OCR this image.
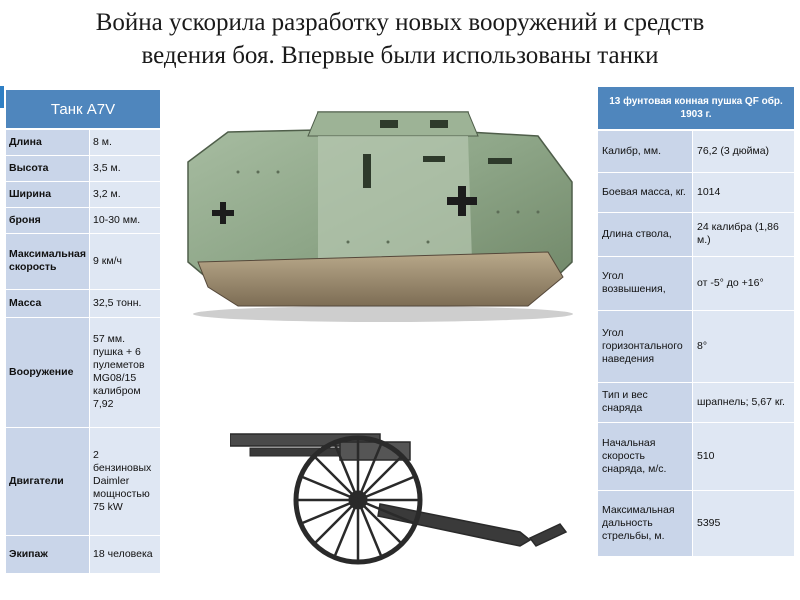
Война ускорила разработку новых вооружений и средств
ведения боя. Впервые были использованы танки
Танк A7V	
Длина	8 м.
Высота	3,5 м.
Ширина	3,2 м.
броня	10-30 мм.
Максимальная скорость	9 км/ч
Масса	32,5 тонн.
Вооружение	57 мм. пушка + 6 пулеметов MG08/15 калибром 7,92
Двигатели	2 бензиновых Daimler мощностью 75 kW
Экипаж	18 человека
13 фунтовая конная пушка QF обр. 1903 г.	
Калибр, мм.	76,2 (3 дюйма)
Боевая масса, кг.	1014
Длина ствола,	24 калибра (1,86 м.)
Угол возвышения,	от -5° до +16°
Угол горизонтального наведения	8°
Тип и вес снаряда	шрапнель; 5,67 кг.
Начальная скорость снаряда, м/с.	510
Максимальная дальность стрельбы, м.	5395
